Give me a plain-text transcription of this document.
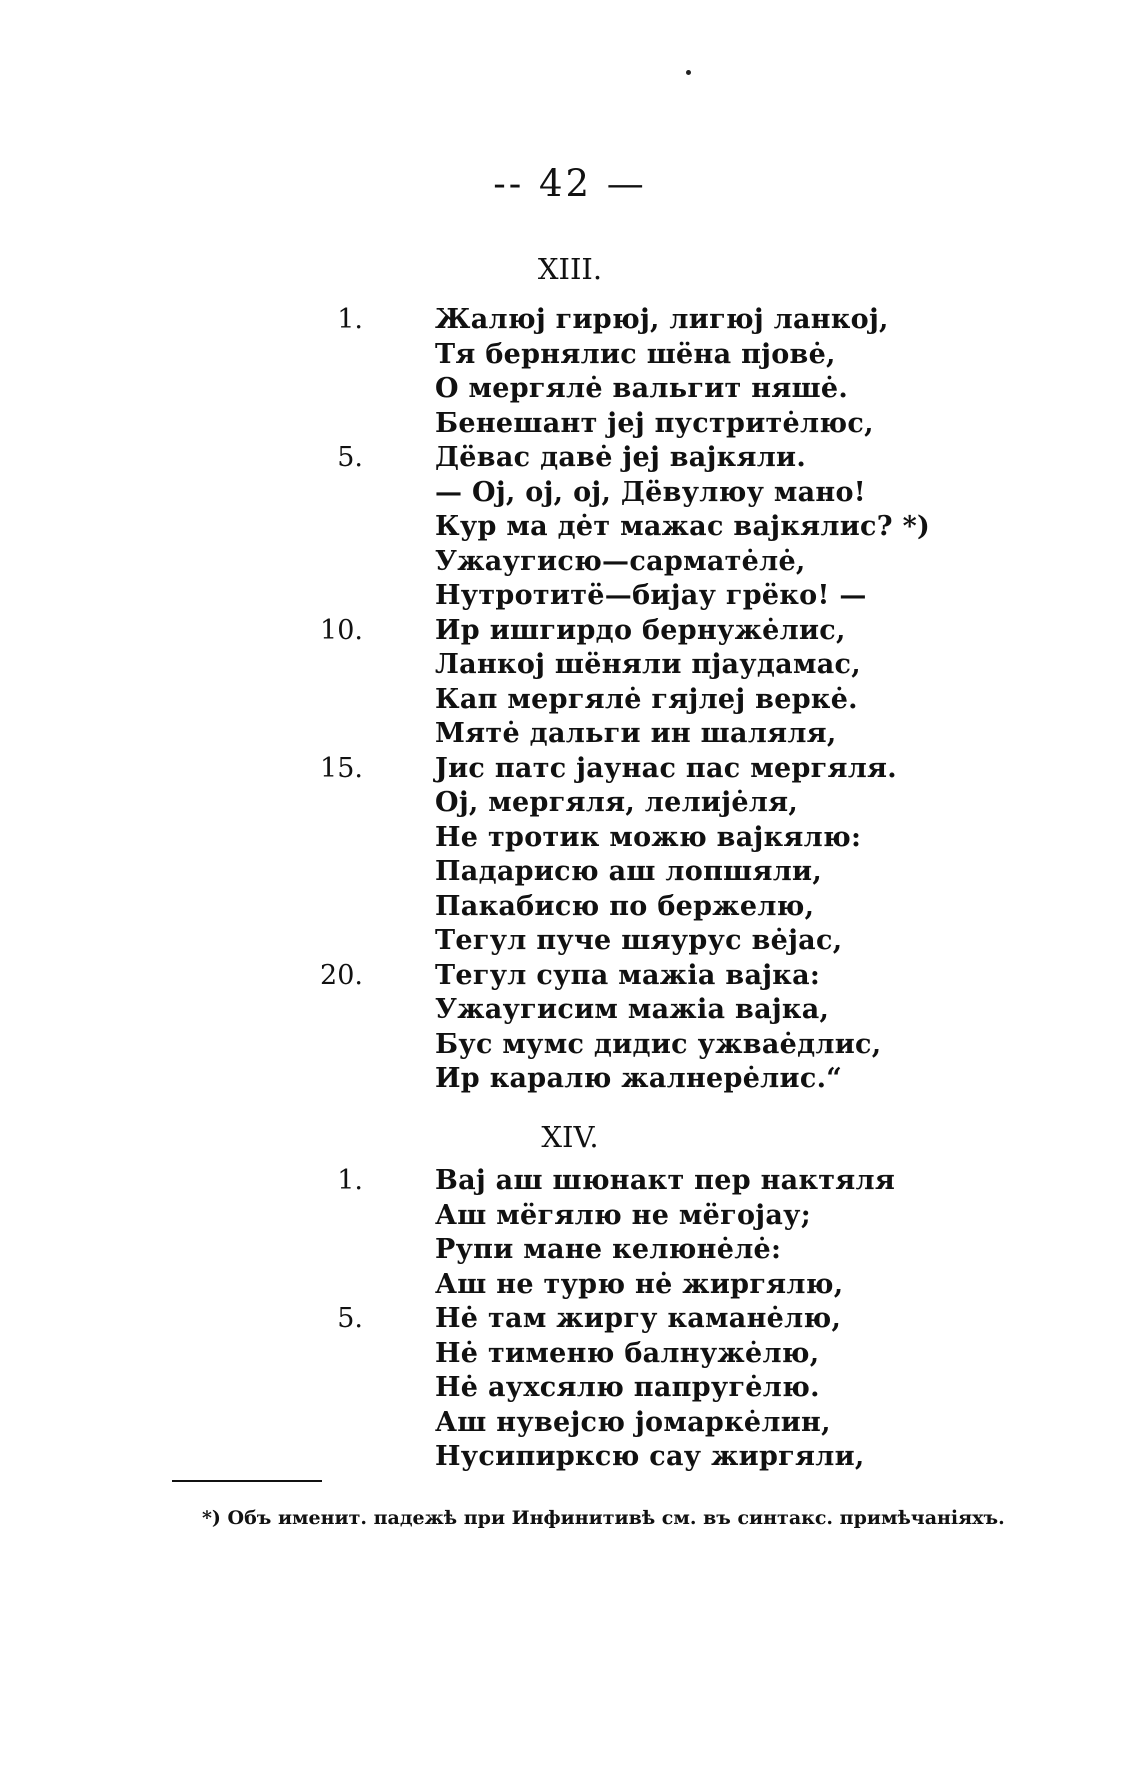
-- 42 —
XIII.
1.	Жалюј гирюј, лигюј ланкој,
Тя бернялис шёна пјовė,
О мергялė вальгит няшė.
Бенешант јеј пустритėлюс,
5.	Дёвас давė јеј вајкяли.
— Ој, ој, ој, Дёвулюу мано!
Кур ма дėт мажас вајкялис? *)
Ужаугисю—сарматėлė,
Нутротитё—бијау грёко! —
10.	Ир ишгирдо бернужėлис,
Ланкој шёняли пјаудамас,
Кап мергялė гяјлеј веркė.
Мятė дальги ин шаляля,
15.	Јис патс јаунас пас мергяля.
Ој, мергяля, лелијėля,
Не тротик можю вајкялю:
Падарисю аш лопшяли,
Пакабисю по бержелю,
Тегул пуче шяурус вėјас,
20.	Тегул супа мажіа вајка:
Ужаугисим мажіа вајка,
Бус мумс дидис ужваėдлис,
Ир каралю жалнерėлис.“
XIV.
1.	Вај аш шюнакт пер нактяля
Аш мёгялю не мёгојау;
Рупи мане келюнėлė:
Аш не турю нė жиргялю,
5.	Нė там жиргу каманėлю,
Нė тименю балнужėлю,
Нė аухсялю папругėлю.
Аш нувејсю јомаркėлин,
Нусипиркcю сау жиргяли,
*) Объ именит. падежѣ при Инфинитивѣ см. въ синтакс. примѣчаніяхъ.
